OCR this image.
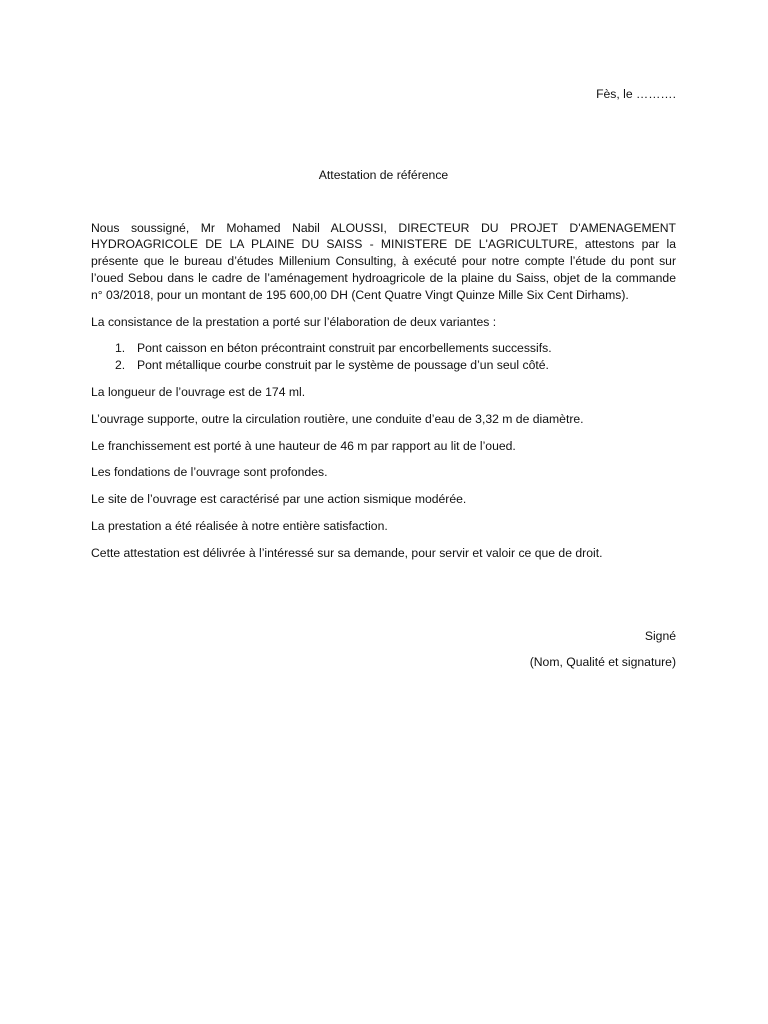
Fès, le ……….

Attestation de référence

Nous soussigné, Mr Mohamed Nabil ALOUSSI, DIRECTEUR DU PROJET D'AMENAGEMENT HYDROAGRICOLE DE LA PLAINE DU SAISS - MINISTERE DE L'AGRICULTURE, attestons par la présente que le bureau d’études Millenium Consulting, à exécuté pour notre compte l’étude du pont sur l’oued Sebou dans le cadre de l’aménagement hydroagricole de la plaine du Saiss, objet de la commande n° 03/2018, pour un montant de 195 600,00 DH (Cent Quatre Vingt Quinze Mille Six Cent Dirhams).

La consistance de la prestation a porté sur l’élaboration de deux variantes :

1. Pont caisson en béton précontraint construit par encorbellements successifs.
2. Pont métallique courbe construit par le système de poussage d’un seul côté.

La longueur de l’ouvrage est de 174 ml.

L’ouvrage supporte, outre la circulation routière, une conduite d’eau de 3,32 m de diamètre.

Le franchissement est porté à une hauteur de 46 m par rapport au lit de l’oued.

Les fondations de l’ouvrage sont profondes.

Le site de l’ouvrage est caractérisé par une action sismique modérée.

La prestation a été réalisée à notre entière satisfaction.

Cette attestation est délivrée à l’intéressé sur sa demande, pour servir et valoir ce que de droit.

Signé

(Nom, Qualité et signature)
